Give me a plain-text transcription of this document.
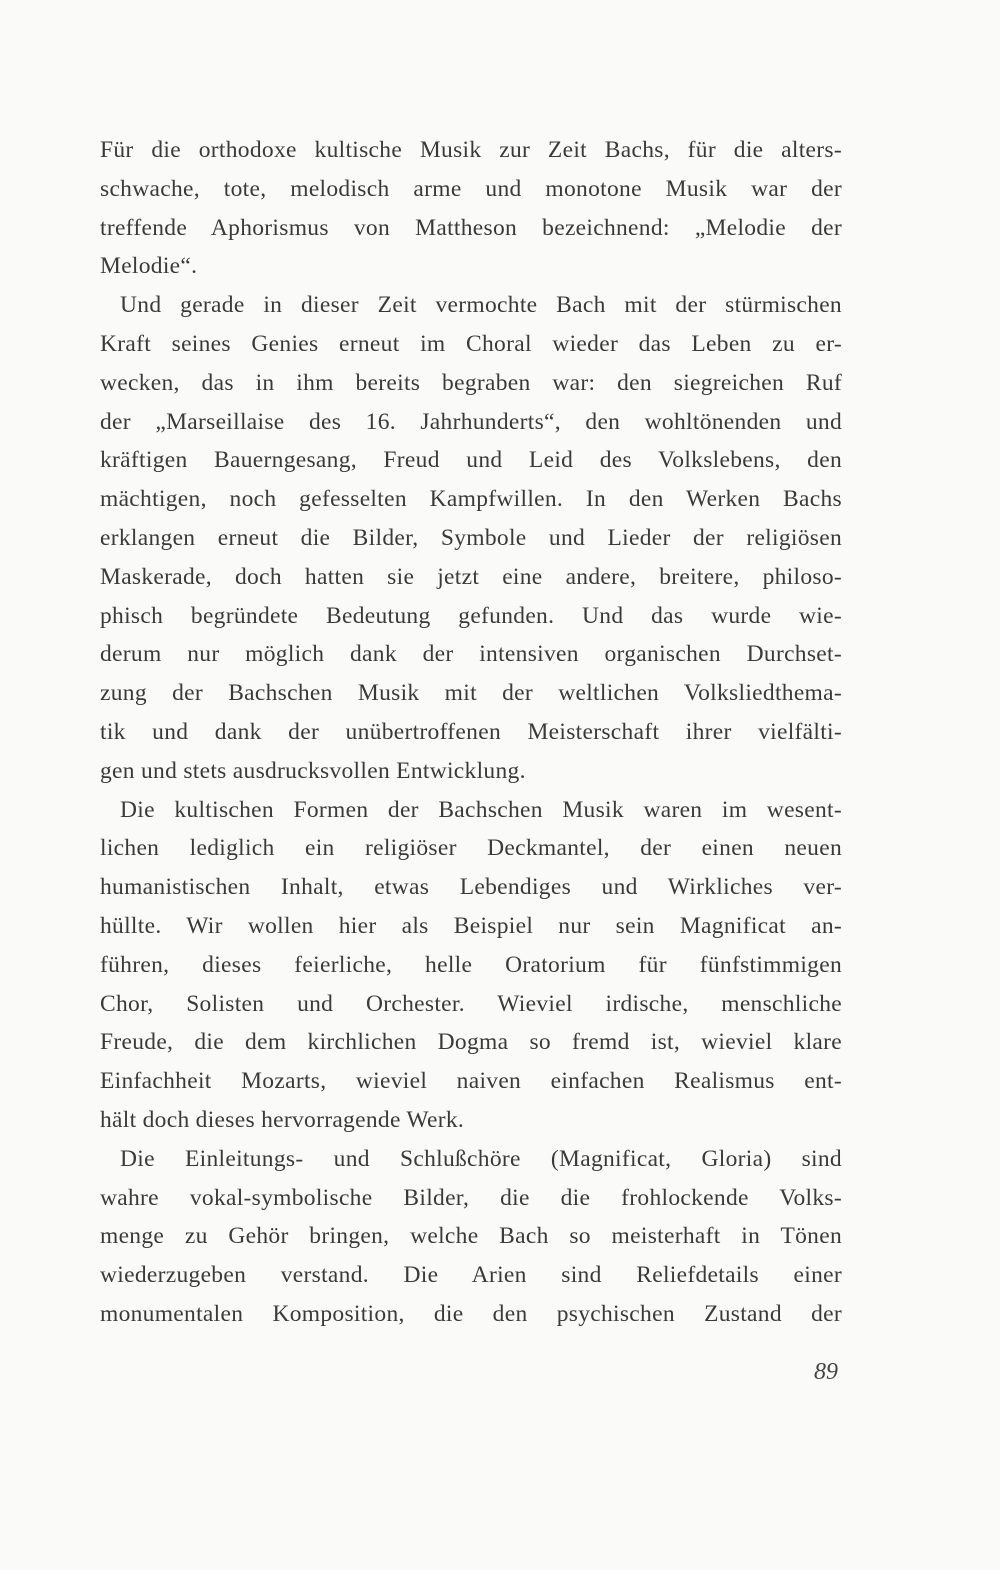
Für die orthodoxe kultische Musik zur Zeit Bachs, für die alters-
schwache, tote, melodisch arme und monotone Musik war der
treffende Aphorismus von Mattheson bezeichnend: „Melodie der
Melodie“.

Und gerade in dieser Zeit vermochte Bach mit der stürmischen
Kraft seines Genies erneut im Choral wieder das Leben zu er-
wecken, das in ihm bereits begraben war: den siegreichen Ruf
der „Marseillaise des 16. Jahrhunderts“, den wohltönenden und
kräftigen Bauerngesang, Freud und Leid des Volkslebens, den
mächtigen, noch gefesselten Kampfwillen. In den Werken Bachs
erklangen erneut die Bilder, Symbole und Lieder der religiösen
Maskerade, doch hatten sie jetzt eine andere, breitere, philoso-
phisch begründete Bedeutung gefunden. Und das wurde wie-
derum nur möglich dank der intensiven organischen Durchset-
zung der Bachschen Musik mit der weltlichen Volksliedthema-
tik und dank der unübertroffenen Meisterschaft ihrer vielfälti-
gen und stets ausdrucksvollen Entwicklung.

Die kultischen Formen der Bachschen Musik waren im wesent-
lichen lediglich ein religiöser Deckmantel, der einen neuen
humanistischen Inhalt, etwas Lebendiges und Wirkliches ver-
hüllte. Wir wollen hier als Beispiel nur sein Magnificat an-
führen, dieses feierliche, helle Oratorium für fünfstimmigen
Chor, Solisten und Orchester. Wieviel irdische, menschliche
Freude, die dem kirchlichen Dogma so fremd ist, wieviel klare
Einfachheit Mozarts, wieviel naiven einfachen Realismus ent-
hält doch dieses hervorragende Werk.

Die Einleitungs- und Schlußchöre (Magnificat, Gloria) sind
wahre vokal-symbolische Bilder, die die frohlockende Volks-
menge zu Gehör bringen, welche Bach so meisterhaft in Tönen
wiederzugeben verstand. Die Arien sind Reliefdetails einer
monumentalen Komposition, die den psychischen Zustand der

89
